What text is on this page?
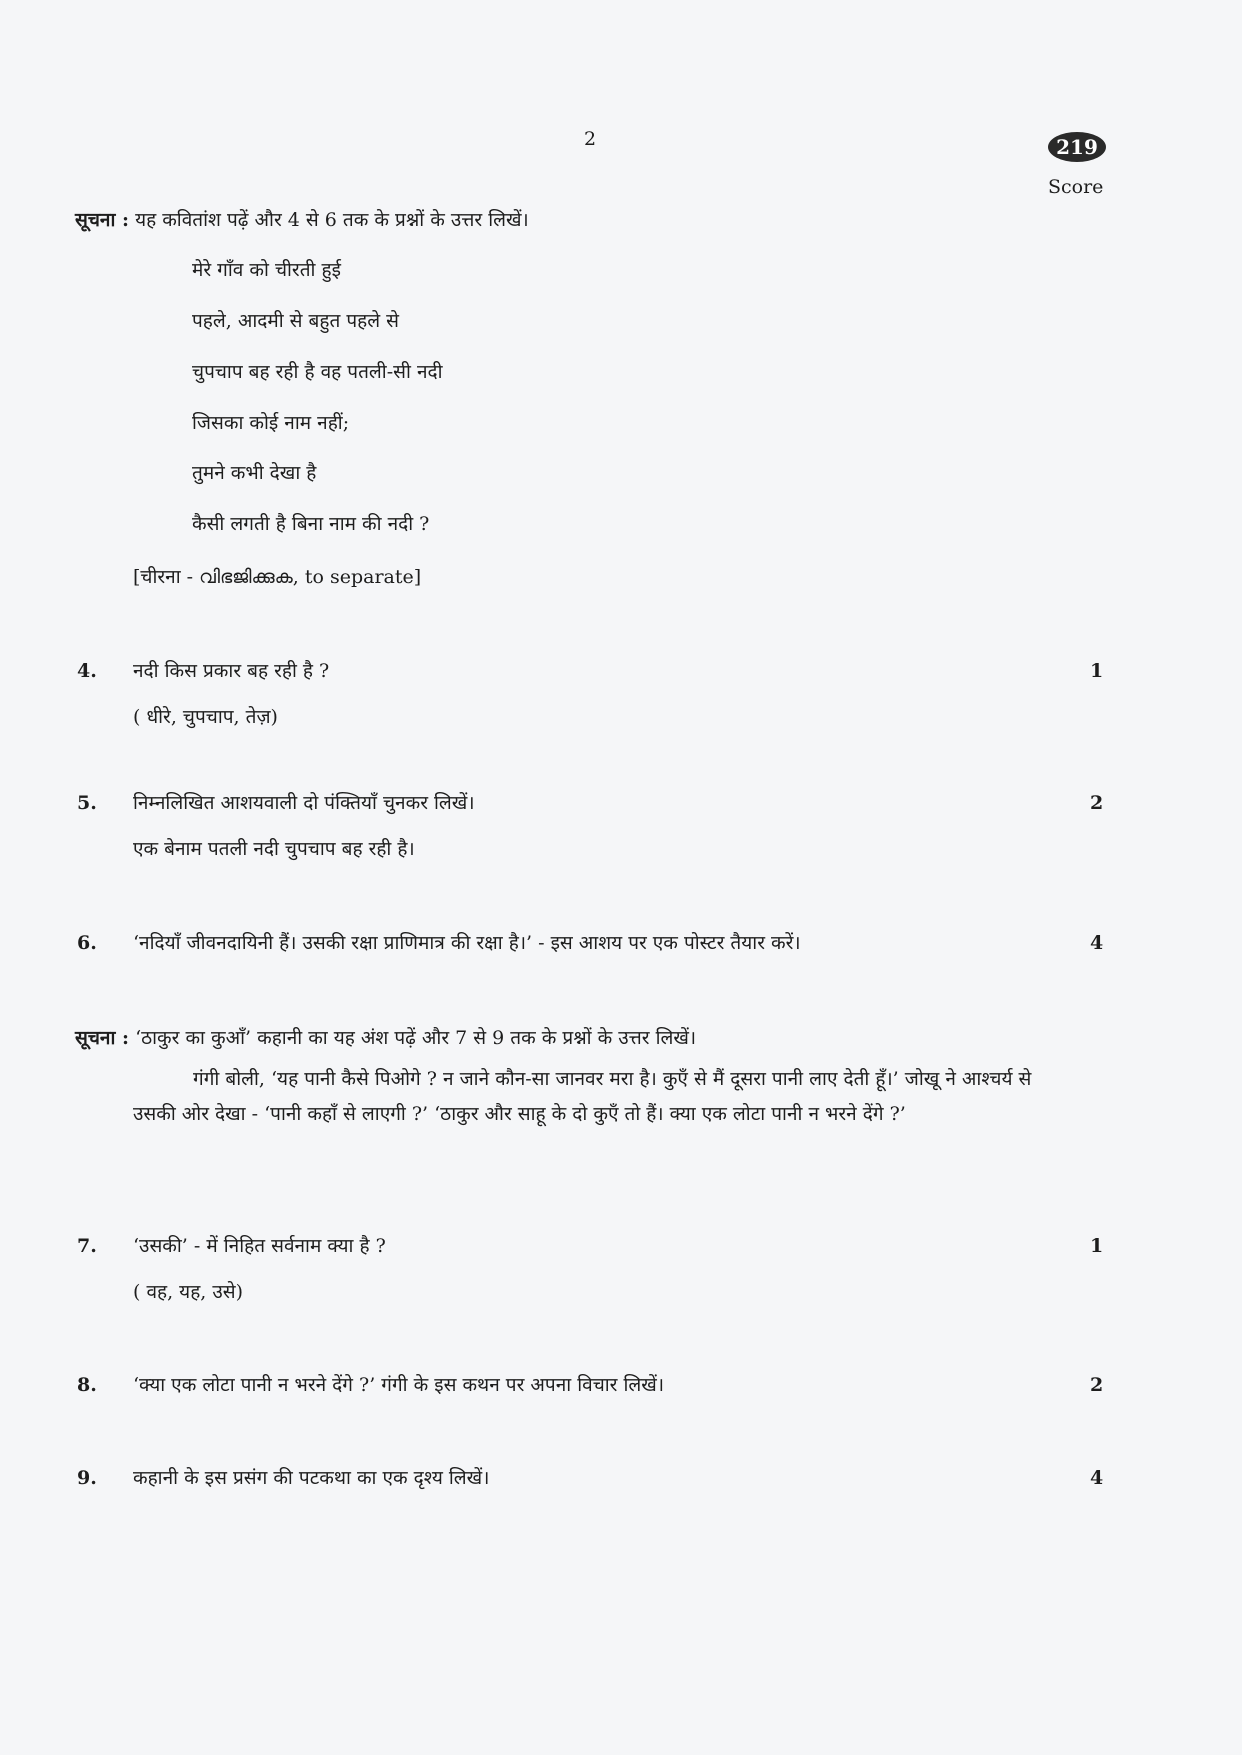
2	219
Score
सूचना : यह कवितांश पढ़ें और 4 से 6 तक के प्रश्नों के उत्तर लिखें।
मेरे गाँव को चीरती हुई
पहले, आदमी से बहुत पहले से
चुपचाप बह रही है वह पतली-सी नदी
जिसका कोई नाम नहीं;
तुमने कभी देखा है
कैसी लगती है बिना नाम की नदी ?
[चीरना - വിഭജിക്കുക, to separate]
4. नदी किस प्रकार बह रही है ?
( धीरे, चुपचाप, तेज़)
1
5. निम्नलिखित आशयवाली दो पंक्तियाँ चुनकर लिखें।
एक बेनाम पतली नदी चुपचाप बह रही है।
2
6. ‘नदियाँ जीवनदायिनी हैं। उसकी रक्षा प्राणिमात्र की रक्षा है।’ - इस आशय पर एक पोस्टर तैयार करें।	4
सूचना : ‘ठाकुर का कुआँ’ कहानी का यह अंश पढ़ें और 7 से 9 तक के प्रश्नों के उत्तर लिखें।
गंगी बोली, ‘यह पानी कैसे पिओगे ? न जाने कौन-सा जानवर मरा है। कुएँ से मैं दूसरा पानी लाए देती हूँ।’ जोखू ने आश्चर्य से उसकी ओर देखा - ‘पानी कहाँ से लाएगी ?’ ‘ठाकुर और साहू के दो कुएँ तो हैं। क्या एक लोटा पानी न भरने देंगे ?’
7. ‘उसकी’ - में निहित सर्वनाम क्या है ?
( वह, यह, उसे)
1
8. ‘क्या एक लोटा पानी न भरने देंगे ?’ गंगी के इस कथन पर अपना विचार लिखें।	2
9. कहानी के इस प्रसंग की पटकथा का एक दृश्य लिखें।	4
